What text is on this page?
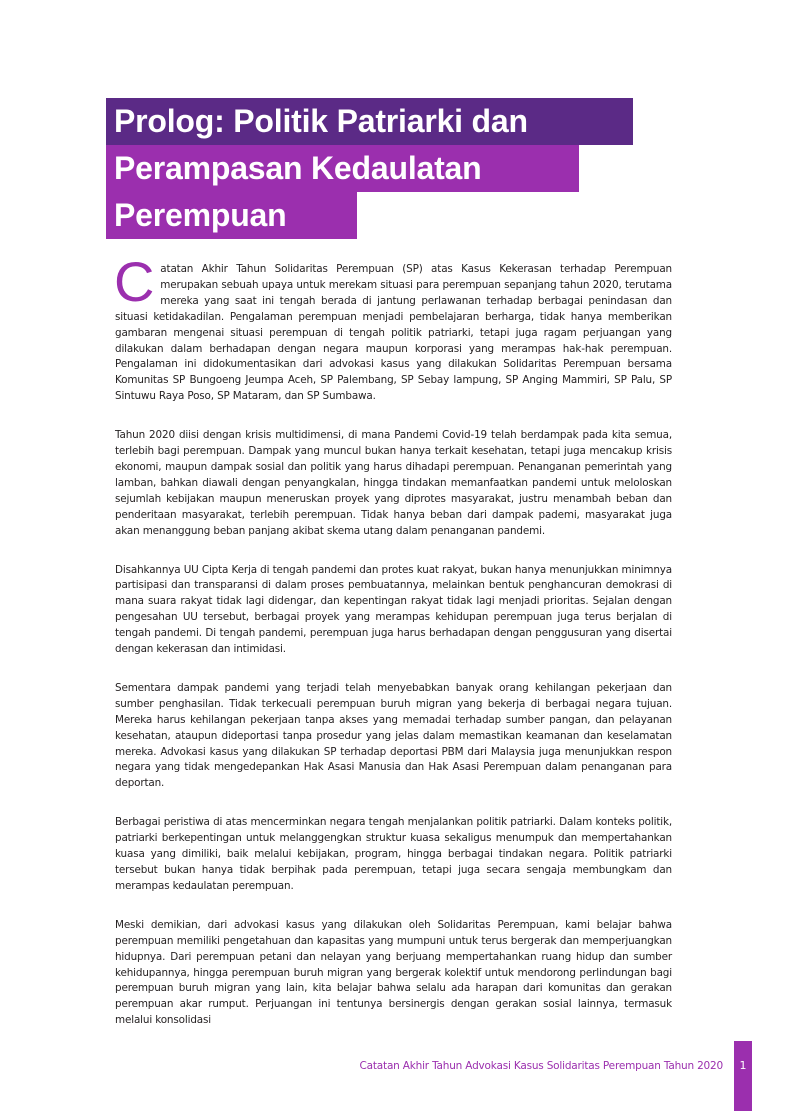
Prolog: Politik Patriarki dan
Perampasan Kedaulatan
Perempuan

Catatan Akhir Tahun Solidaritas Perempuan (SP) atas Kasus Kekerasan terhadap Perempuan merupakan sebuah upaya untuk merekam situasi para perempuan sepanjang tahun 2020, terutama mereka yang saat ini tengah berada di jantung perlawanan terhadap berbagai penindasan dan situasi ketidakadilan. Pengalaman perempuan menjadi pembelajaran berharga, tidak hanya memberikan gambaran mengenai situasi perempuan di tengah politik patriarki, tetapi juga ragam perjuangan yang dilakukan dalam berhadapan dengan negara maupun korporasi yang merampas hak-hak perempuan. Pengalaman ini didokumentasikan dari advokasi kasus yang dilakukan Solidaritas Perempuan bersama Komunitas SP Bungoeng Jeumpa Aceh, SP Palembang, SP Sebay lampung, SP Anging Mammiri, SP Palu, SP Sintuwu Raya Poso, SP Mataram, dan SP Sumbawa.

Tahun 2020 diisi dengan krisis multidimensi, di mana Pandemi Covid-19 telah berdampak pada kita semua, terlebih bagi perempuan. Dampak yang muncul bukan hanya terkait kesehatan, tetapi juga mencakup krisis ekonomi, maupun dampak sosial dan politik yang harus dihadapi perempuan. Penanganan pemerintah yang lamban, bahkan diawali dengan penyangkalan, hingga tindakan memanfaatkan pandemi untuk meloloskan sejumlah kebijakan maupun meneruskan proyek yang diprotes masyarakat, justru menambah beban dan penderitaan masyarakat, terlebih perempuan. Tidak hanya beban dari dampak pademi, masyarakat juga akan menanggung beban panjang akibat skema utang dalam penanganan pandemi.

Disahkannya UU Cipta Kerja di tengah pandemi dan protes kuat rakyat, bukan hanya menunjukkan minimnya partisipasi dan transparansi di dalam proses pembuatannya, melainkan bentuk penghancuran demokrasi di mana suara rakyat tidak lagi didengar, dan kepentingan rakyat tidak lagi menjadi prioritas. Sejalan dengan pengesahan UU tersebut, berbagai proyek yang merampas kehidupan perempuan juga terus berjalan di tengah pandemi. Di tengah pandemi, perempuan juga harus berhadapan dengan penggusuran yang disertai dengan kekerasan dan intimidasi.

Sementara dampak pandemi yang terjadi telah menyebabkan banyak orang kehilangan pekerjaan dan sumber penghasilan. Tidak terkecuali perempuan buruh migran yang bekerja di berbagai negara tujuan. Mereka harus kehilangan pekerjaan tanpa akses yang memadai terhadap sumber pangan, dan pelayanan kesehatan, ataupun dideportasi tanpa prosedur yang jelas dalam memastikan keamanan dan keselamatan mereka. Advokasi kasus yang dilakukan SP terhadap deportasi PBM dari Malaysia juga menunjukkan respon negara yang tidak mengedepankan Hak Asasi Manusia dan Hak Asasi Perempuan dalam penanganan para deportan.

Berbagai peristiwa di atas mencerminkan negara tengah menjalankan politik patriarki. Dalam konteks politik, patriarki berkepentingan untuk melanggengkan struktur kuasa sekaligus menumpuk dan mempertahankan kuasa yang dimiliki, baik melalui kebijakan, program, hingga berbagai tindakan negara. Politik patriarki tersebut bukan hanya tidak berpihak pada perempuan, tetapi juga secara sengaja membungkam dan merampas kedaulatan perempuan.

Meski demikian, dari advokasi kasus yang dilakukan oleh Solidaritas Perempuan, kami belajar bahwa perempuan memiliki pengetahuan dan kapasitas yang mumpuni untuk terus bergerak dan memperjuangkan hidupnya. Dari perempuan petani dan nelayan yang berjuang mempertahankan ruang hidup dan sumber kehidupannya, hingga perempuan buruh migran yang bergerak kolektif untuk mendorong perlindungan bagi perempuan buruh migran yang lain, kita belajar bahwa selalu ada harapan dari komunitas dan gerakan perempuan akar rumput. Perjuangan ini tentunya bersinergis dengan gerakan sosial lainnya, termasuk melalui konsolidasi

Catatan Akhir Tahun Advokasi Kasus Solidaritas Perempuan Tahun 2020	1
